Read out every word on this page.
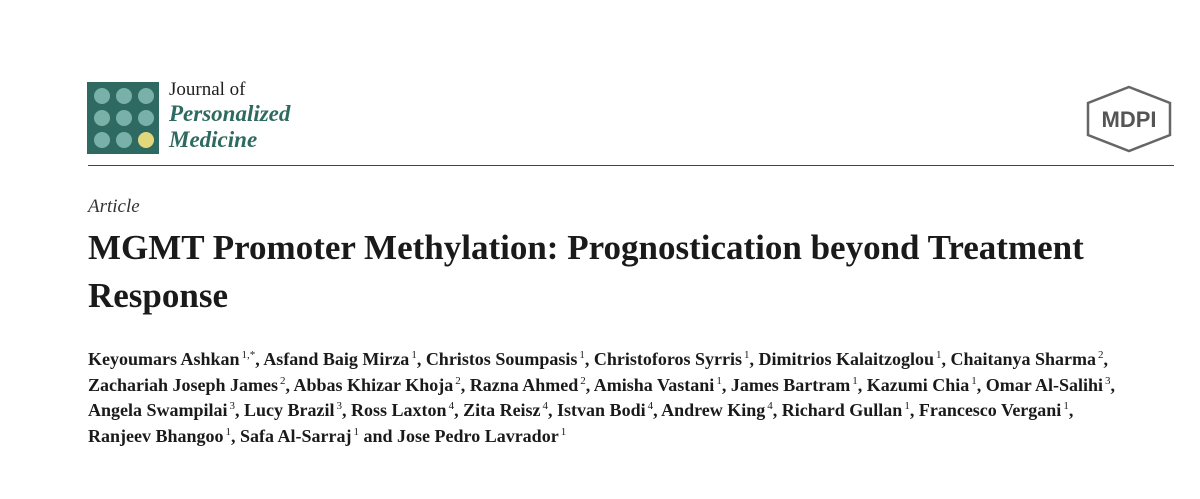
Journal of
Personalized
Medicine
MDPI
Article
MGMT Promoter Methylation: Prognostication beyond Treatment Response
Keyoumars Ashkan $^{1,*}$, Asfand Baig Mirza $^1$, Christos Soumpasis $^1$, Christoforos Syrris $^1$, Dimitrios Kalaitzoglou $^1$, Chaitanya Sharma $^2$, Zachariah Joseph James $^2$, Abbas Khizar Khoja $^2$, Razna Ahmed $^2$, Amisha Vastani $^1$, James Bartram $^1$, Kazumi Chia $^1$, Omar Al-Salihi $^3$, Angela Swampilai $^3$, Lucy Brazil $^3$, Ross Laxton $^4$, Zita Reisz $^4$, Istvan Bodi $^4$, Andrew King $^4$, Richard Gullan $^1$, Francesco Vergani $^1$, Ranjeev Bhangoo $^1$, Safa Al-Sarraj $^1$ and Jose Pedro Lavrador $^1$
